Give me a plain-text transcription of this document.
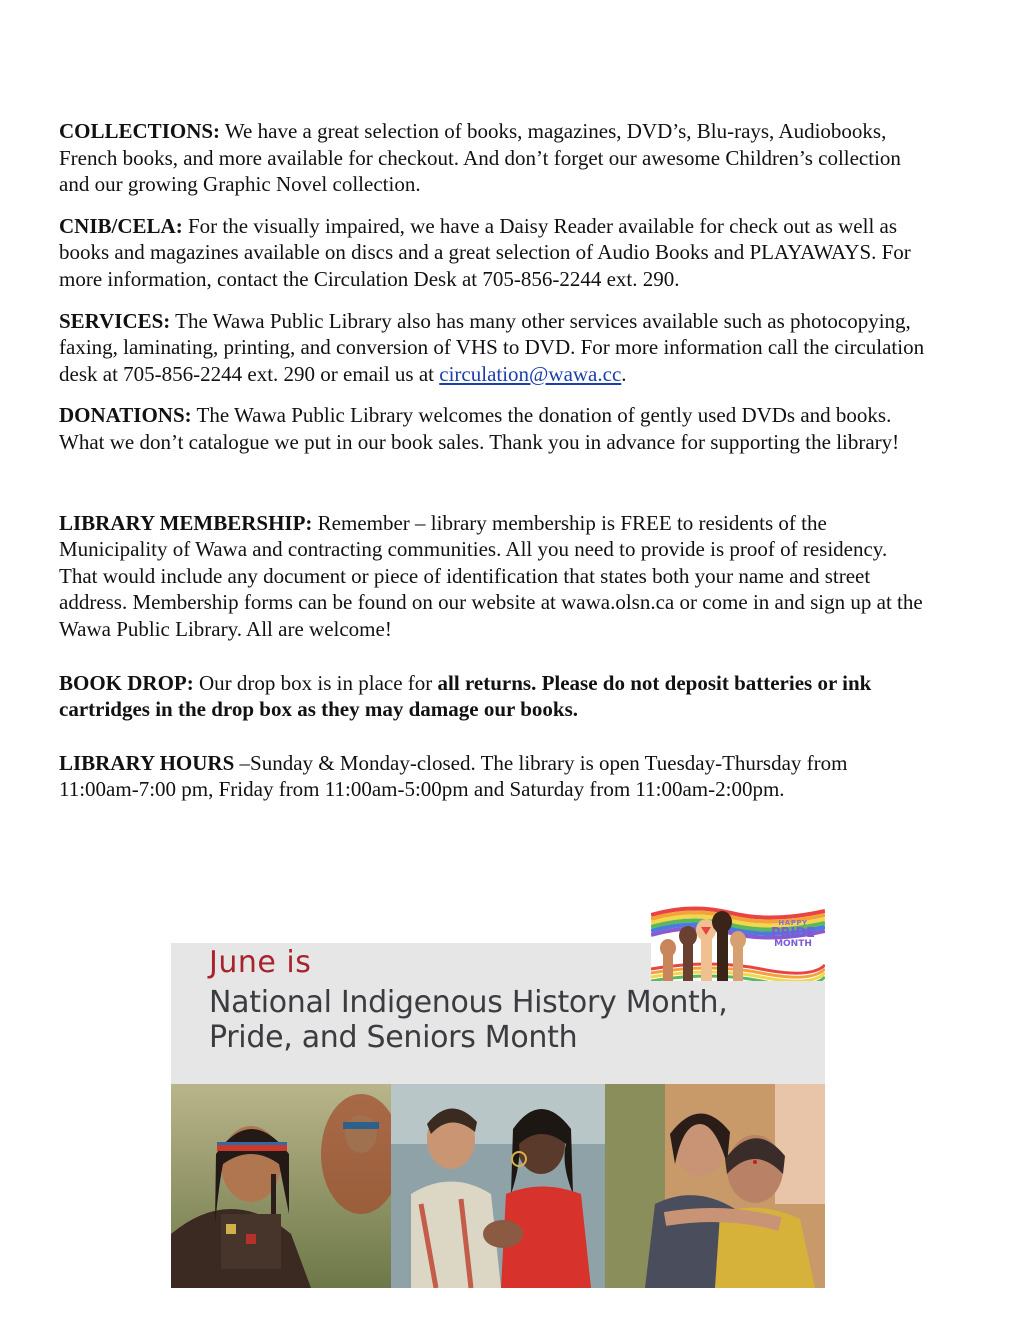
COLLECTIONS: We have a great selection of books, magazines, DVD’s, Blu-rays, Audiobooks, French books, and more available for checkout. And don’t forget our awesome Children’s collection and our growing Graphic Novel collection.

CNIB/CELA: For the visually impaired, we have a Daisy Reader available for check out as well as books and magazines available on discs and a great selection of Audio Books and PLAYAWAYS. For more information, contact the Circulation Desk at 705-856-2244 ext. 290.

SERVICES: The Wawa Public Library also has many other services available such as photocopying, faxing, laminating, printing, and conversion of VHS to DVD. For more information call the circulation desk at 705-856-2244 ext. 290 or email us at circulation@wawa.cc.

DONATIONS: The Wawa Public Library welcomes the donation of gently used DVDs and books. What we don’t catalogue we put in our book sales. Thank you in advance for supporting the library!

LIBRARY MEMBERSHIP: Remember – library membership is FREE to residents of the Municipality of Wawa and contracting communities. All you need to provide is proof of residency. That would include any document or piece of identification that states both your name and street address. Membership forms can be found on our website at wawa.olsn.ca or come in and sign up at the Wawa Public Library. All are welcome!

BOOK DROP: Our drop box is in place for all returns. Please do not deposit batteries or ink cartridges in the drop box as they may damage our books.

LIBRARY HOURS –Sunday & Monday-closed. The library is open Tuesday-Thursday from 11:00am-7:00 pm, Friday from 11:00am-5:00pm and Saturday from 11:00am-2:00pm.

June is
National Indigenous History Month,
Pride, and Seniors Month
HAPPY
PRIDE
MONTH
